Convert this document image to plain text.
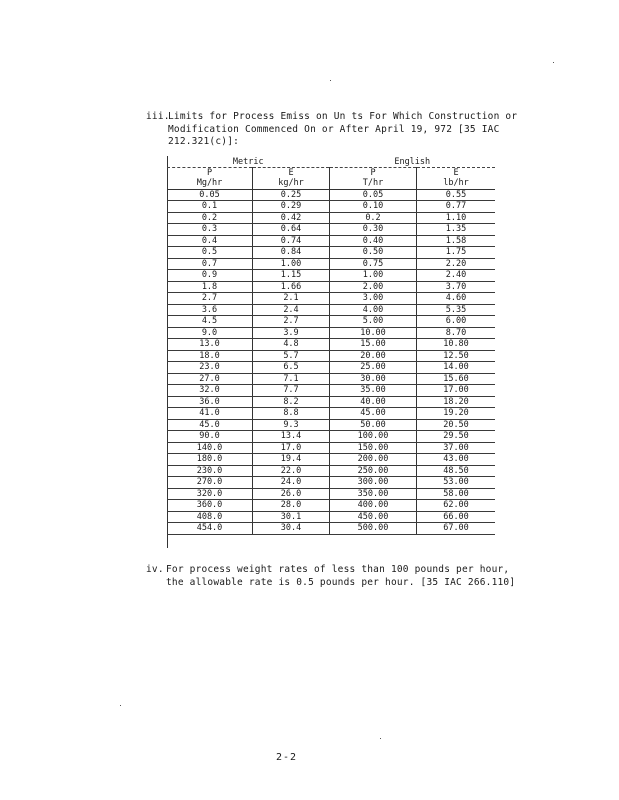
iii.
Limits for Process Emiss on Un ts For Which Construction or Modification Commenced On or After April 19, 972 [35 IAC 212.321(c)]:
Metric		English	
P	E	P	E
Mg/hr	kg/hr	T/hr	lb/hr
0.05	0.25	0.05	0.55
0.1	0.29	0.10	0.77
0.2	0.42	0.2	1.10
0.3	0.64	0.30	1.35
0.4	0.74	0.40	1.58
0.5	0.84	0.50	1.75
0.7	1.00	0.75	2.20
0.9	1.15	1.00	2.40
1.8	1.66	2.00	3.70
2.7	2.1	3.00	4.60
3.6	2.4	4.00	5.35
4.5	2.7	5.00	6.00
9.0	3.9	10.00	8.70
13.0	4.8	15.00	10.80
18.0	5.7	20.00	12.50
23.0	6.5	25.00	14.00
27.0	7.1	30.00	15.60
32.0	7.7	35.00	17.00
36.0	8.2	40.00	18.20
41.0	8.8	45.00	19.20
45.0	9.3	50.00	20.50
90.0	13.4	100.00	29.50
140.0	17.0	150.00	37.00
180.0	19.4	200.00	43.00
230.0	22.0	250.00	48.50
270.0	24.0	300.00	53.00
320.0	26.0	350.00	58.00
360.0	28.0	400.00	62.00
408.0	30.1	450.00	66.00
454.0	30.4	500.00	67.00
iv. For process weight rates of less than 100 pounds per hour, the allowable rate is 0.5 pounds per hour. [35 IAC 266.110]
2-2
